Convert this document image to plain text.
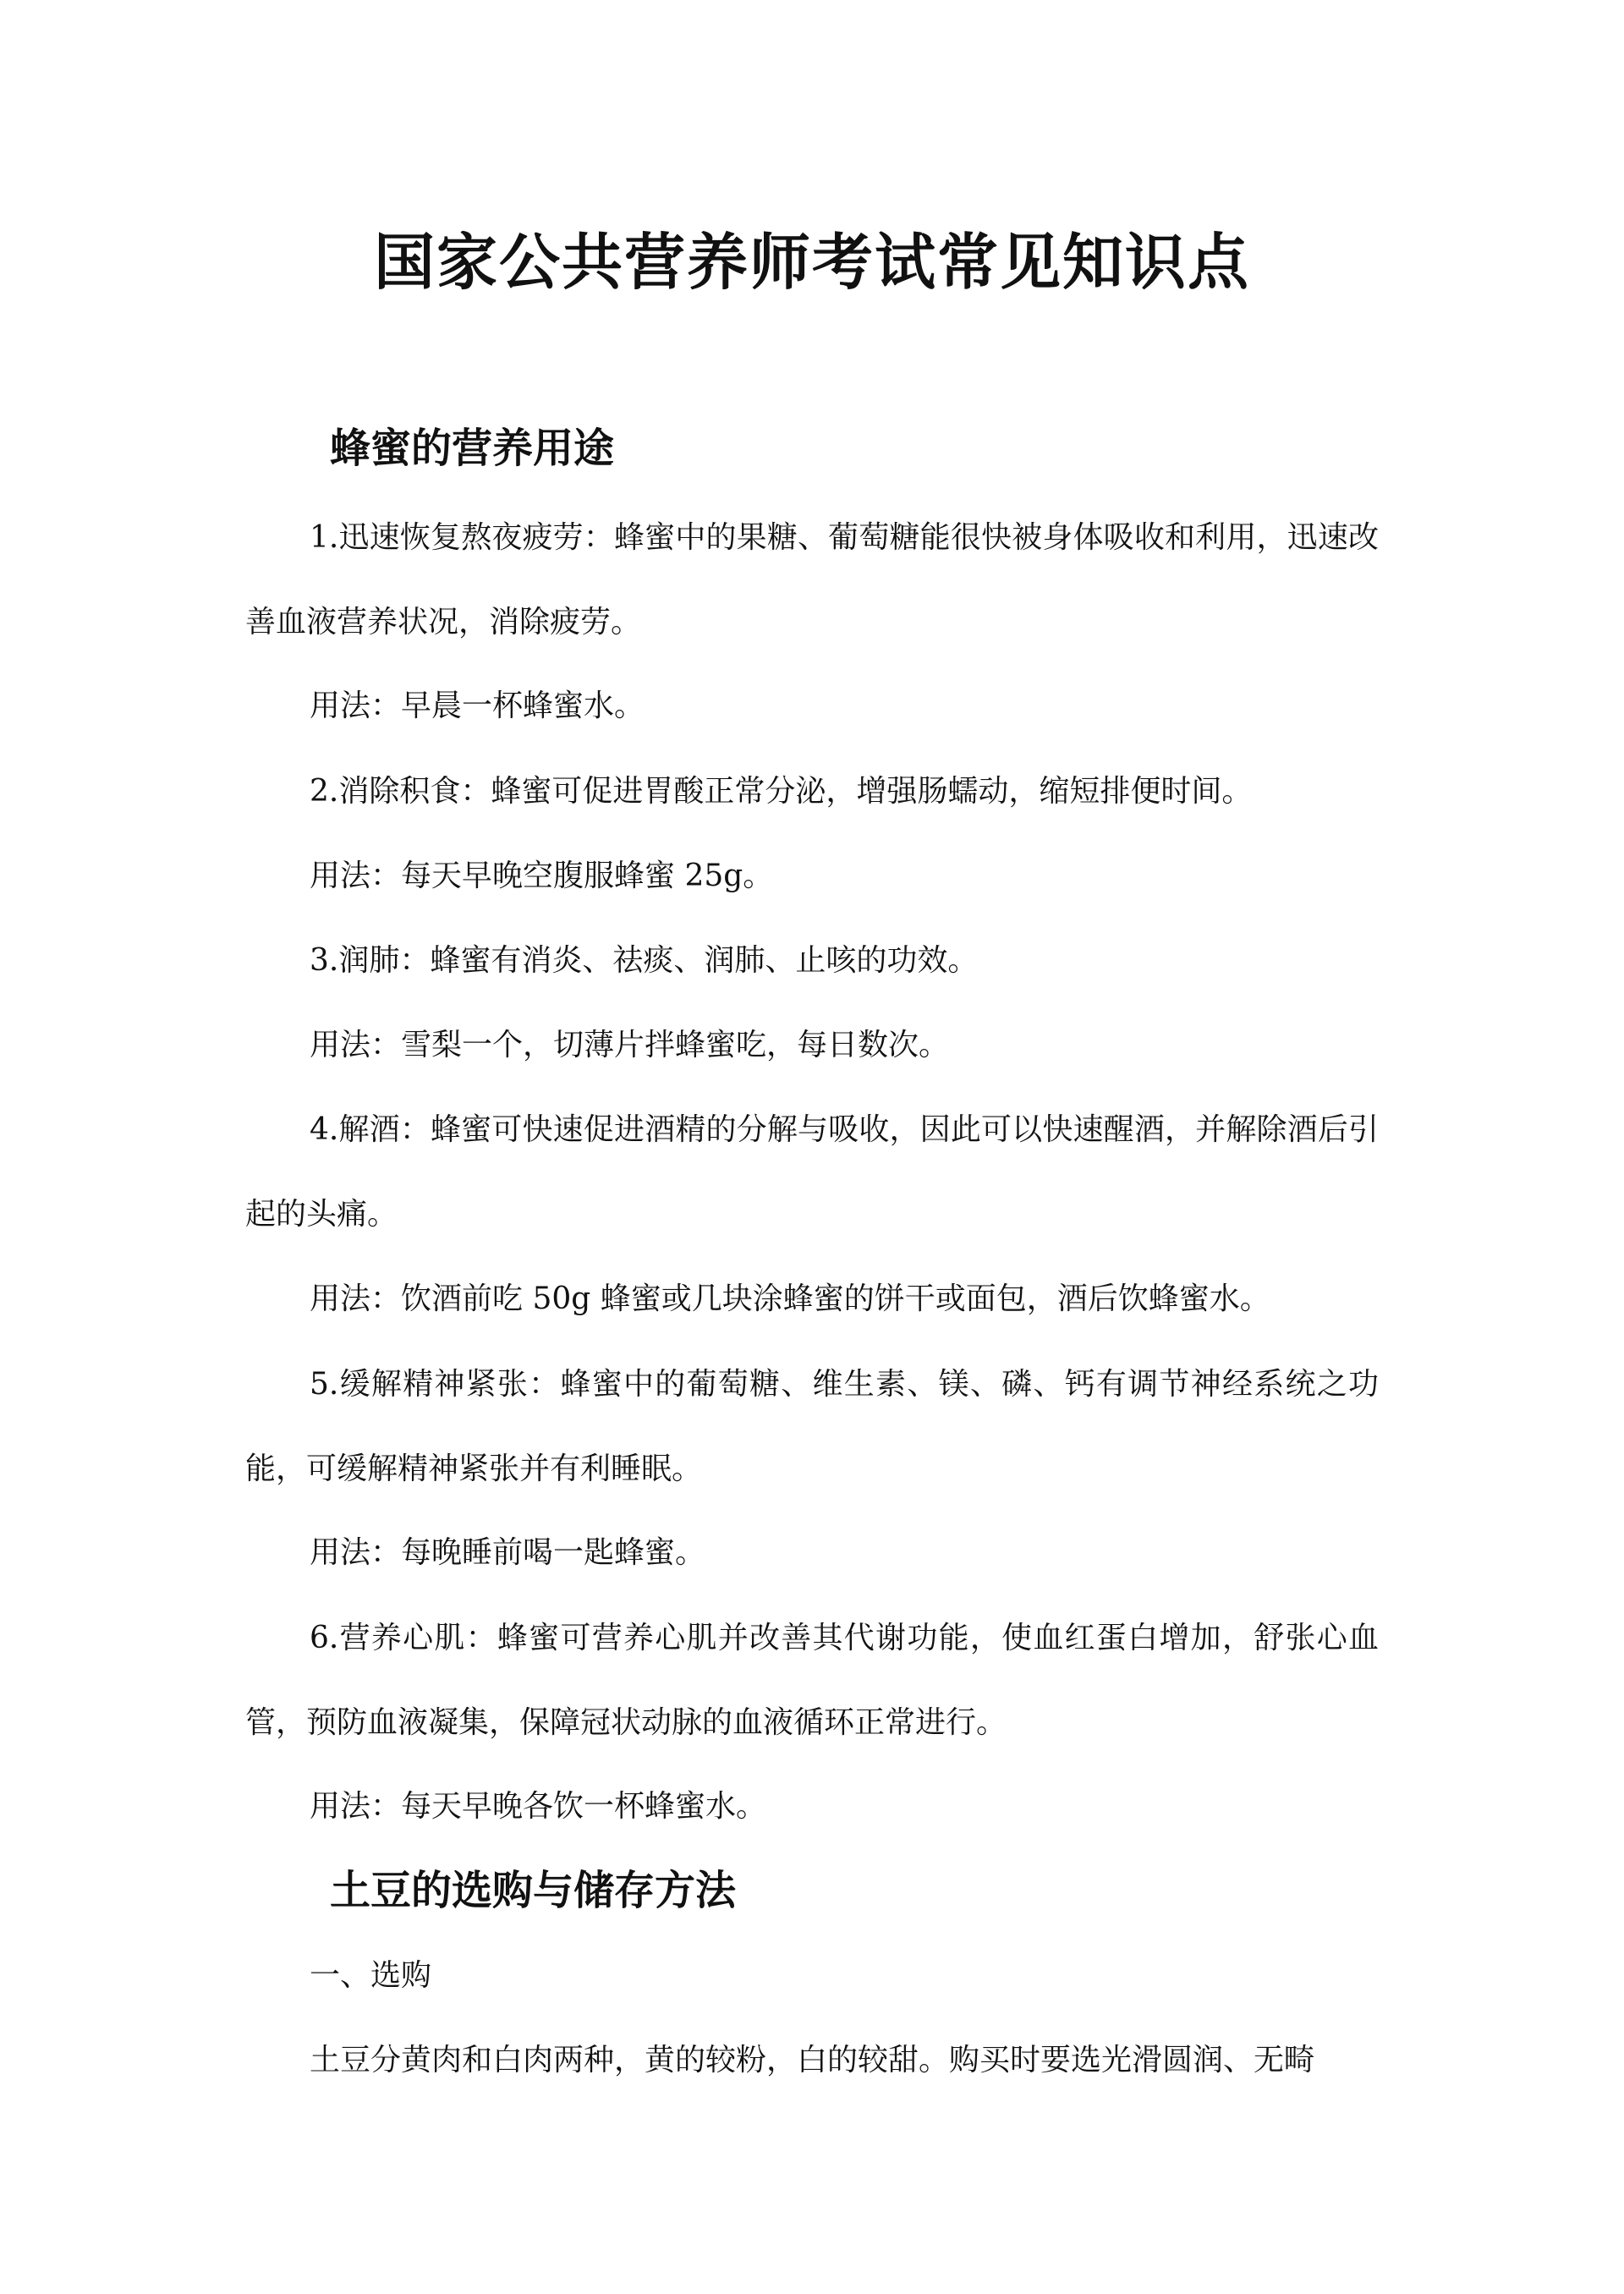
国家公共营养师考试常见知识点
蜂蜜的营养用途
1.迅速恢复熬夜疲劳：蜂蜜中的果糖、葡萄糖能很快被身体吸收和利用，迅速改善血液营养状况，消除疲劳。
用法：早晨一杯蜂蜜水。
2.消除积食：蜂蜜可促进胃酸正常分泌，增强肠蠕动，缩短排便时间。
用法：每天早晚空腹服蜂蜜 25g。
3.润肺：蜂蜜有消炎、祛痰、润肺、止咳的功效。
用法：雪梨一个，切薄片拌蜂蜜吃，每日数次。
4.解酒：蜂蜜可快速促进酒精的分解与吸收，因此可以快速醒酒，并解除酒后引起的头痛。
用法：饮酒前吃 50g 蜂蜜或几块涂蜂蜜的饼干或面包，酒后饮蜂蜜水。
5.缓解精神紧张：蜂蜜中的葡萄糖、维生素、镁、磷、钙有调节神经系统之功能，可缓解精神紧张并有利睡眠。
用法：每晚睡前喝一匙蜂蜜。
6.营养心肌：蜂蜜可营养心肌并改善其代谢功能，使血红蛋白增加，舒张心血管，预防血液凝集，保障冠状动脉的血液循环正常进行。
用法：每天早晚各饮一杯蜂蜜水。
土豆的选购与储存方法
一、选购
土豆分黄肉和白肉两种，黄的较粉，白的较甜。购买时要选光滑圆润、无畸
